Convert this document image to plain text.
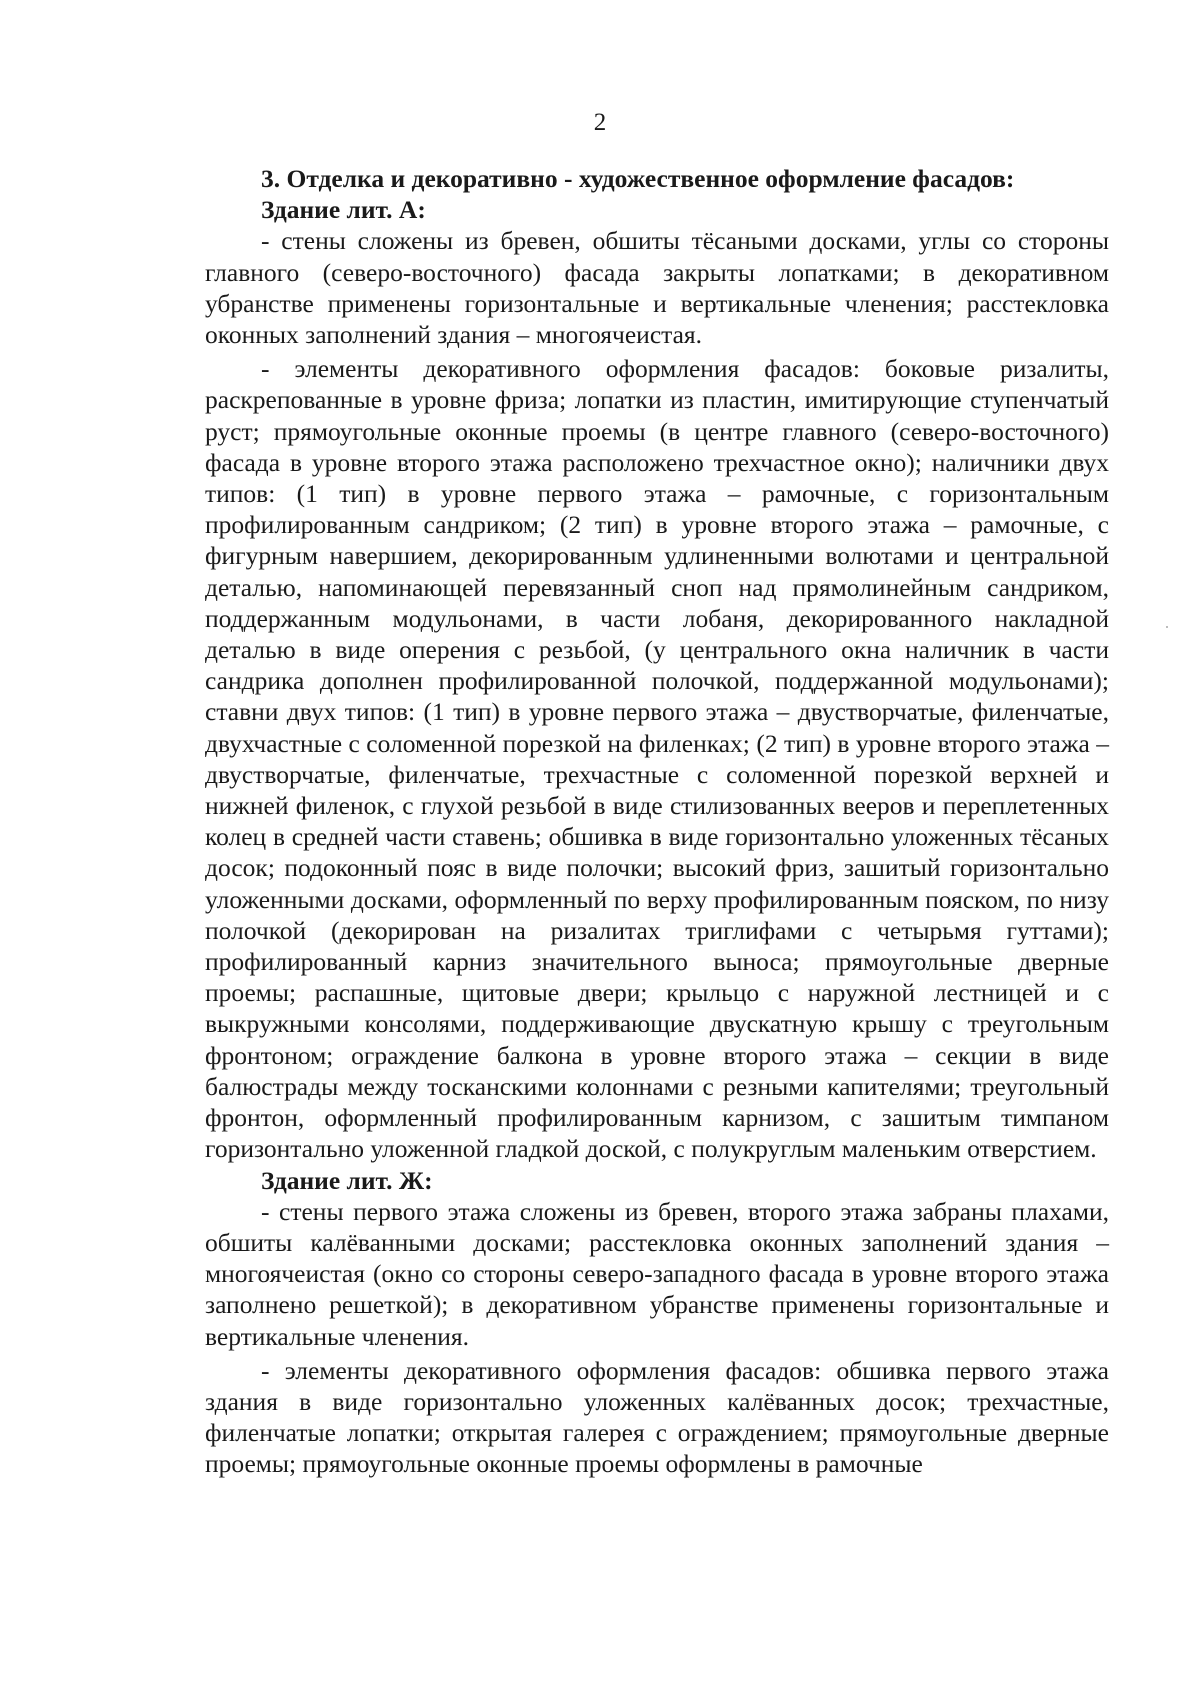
2

3. Отделка и декоративно - художественное оформление фасадов:

Здание лит. А:

- стены сложены из бревен, обшиты тёсаными досками, углы со стороны главного (северо-восточного) фасада закрыты лопатками; в декоративном убранстве применены горизонтальные и вертикальные членения; расстекловка оконных заполнений здания – многоячеистая.

- элементы декоративного оформления фасадов: боковые ризалиты, раскрепованные в уровне фриза; лопатки из пластин, имитирующие ступенчатый руст; прямоугольные оконные проемы (в центре главного (северо-восточного) фасада в уровне второго этажа расположено трехчастное окно); наличники двух типов: (1 тип) в уровне первого этажа – рамочные, с горизонтальным профилированным сандриком; (2 тип) в уровне второго этажа – рамочные, с фигурным навершием, декорированным удлиненными волютами и центральной деталью, напоминающей перевязанный сноп над прямолинейным сандриком, поддержанным модульонами, в части лобаня, декорированного накладной деталью в виде оперения с резьбой, (у центрального окна наличник в части сандрика дополнен профилированной полочкой, поддержанной модульонами); ставни двух типов: (1 тип) в уровне первого этажа – двустворчатые, филенчатые, двухчастные с соломенной порезкой на филенках; (2 тип) в уровне второго этажа – двустворчатые, филенчатые, трехчастные с соломенной порезкой верхней и нижней филенок, с глухой резьбой в виде стилизованных вееров и переплетенных колец в средней части ставень; обшивка в виде горизонтально уложенных тёсаных досок; подоконный пояс в виде полочки; высокий фриз, зашитый горизонтально уложенными досками, оформленный по верху профилированным пояском, по низу полочкой (декорирован на ризалитах триглифами с четырьмя гуттами); профилированный карниз значительного выноса; прямоугольные дверные проемы; распашные, щитовые двери; крыльцо с наружной лестницей и с выкружными консолями, поддерживающие двускатную крышу с треугольным фронтоном; ограждение балкона в уровне второго этажа – секции в виде балюстрады между тосканскими колоннами с резными капителями; треугольный фронтон, оформленный профилированным карнизом, с зашитым тимпаном горизонтально уложенной гладкой доской, с полукруглым маленьким отверстием.

Здание лит. Ж:

- стены первого этажа сложены из бревен, второго этажа забраны плахами, обшиты калёванными досками; расстекловка оконных заполнений здания – многоячеистая (окно со стороны северо-западного фасада в уровне второго этажа заполнено решеткой); в декоративном убранстве применены горизонтальные и вертикальные членения.

- элементы декоративного оформления фасадов: обшивка первого этажа здания в виде горизонтально уложенных калёванных досок; трехчастные, филенчатые лопатки; открытая галерея с ограждением; прямоугольные дверные проемы; прямоугольные оконные проемы оформлены в рамочные
